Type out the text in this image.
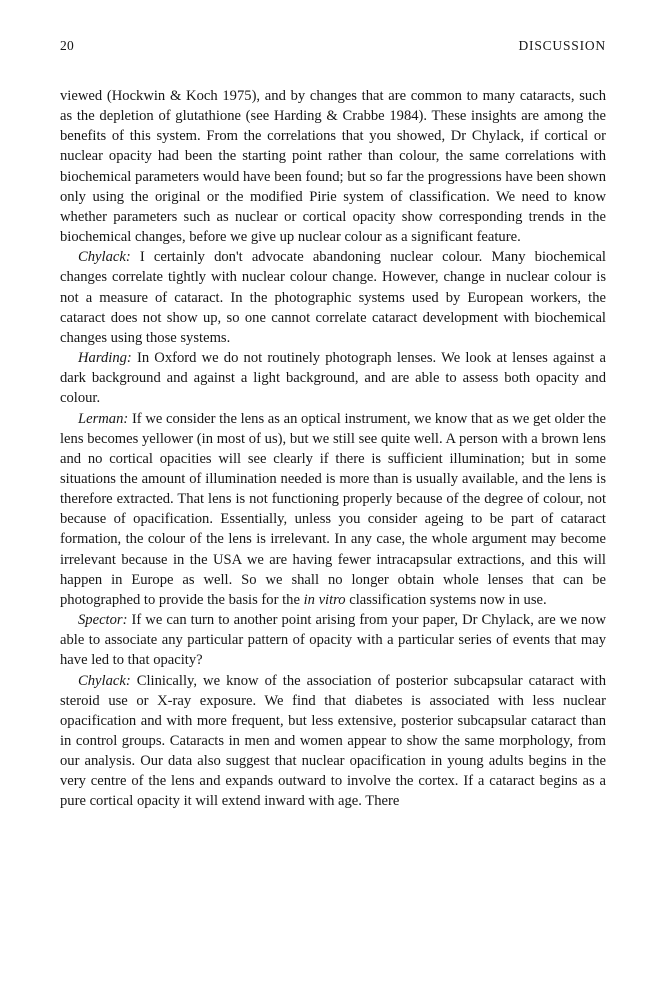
20	DISCUSSION

viewed (Hockwin & Koch 1975), and by changes that are common to many cataracts, such as the depletion of glutathione (see Harding & Crabbe 1984). These insights are among the benefits of this system. From the correlations that you showed, Dr Chylack, if cortical or nuclear opacity had been the starting point rather than colour, the same correlations with biochemical parameters would have been found; but so far the progressions have been shown only using the original or the modified Pirie system of classification. We need to know whether parameters such as nuclear or cortical opacity show corresponding trends in the biochemical changes, before we give up nuclear colour as a significant feature.

Chylack: I certainly don't advocate abandoning nuclear colour. Many biochemical changes correlate tightly with nuclear colour change. However, change in nuclear colour is not a measure of cataract. In the photographic systems used by European workers, the cataract does not show up, so one cannot correlate cataract development with biochemical changes using those systems.

Harding: In Oxford we do not routinely photograph lenses. We look at lenses against a dark background and against a light background, and are able to assess both opacity and colour.

Lerman: If we consider the lens as an optical instrument, we know that as we get older the lens becomes yellower (in most of us), but we still see quite well. A person with a brown lens and no cortical opacities will see clearly if there is sufficient illumination; but in some situations the amount of illumination needed is more than is usually available, and the lens is therefore extracted. That lens is not functioning properly because of the degree of colour, not because of opacification. Essentially, unless you consider ageing to be part of cataract formation, the colour of the lens is irrelevant. In any case, the whole argument may become irrelevant because in the USA we are having fewer intracapsular extractions, and this will happen in Europe as well. So we shall no longer obtain whole lenses that can be photographed to provide the basis for the in vitro classification systems now in use.

Spector: If we can turn to another point arising from your paper, Dr Chylack, are we now able to associate any particular pattern of opacity with a particular series of events that may have led to that opacity?

Chylack: Clinically, we know of the association of posterior subcapsular cataract with steroid use or X-ray exposure. We find that diabetes is associated with less nuclear opacification and with more frequent, but less extensive, posterior subcapsular cataract than in control groups. Cataracts in men and women appear to show the same morphology, from our analysis. Our data also suggest that nuclear opacification in young adults begins in the very centre of the lens and expands outward to involve the cortex. If a cataract begins as a pure cortical opacity it will extend inward with age. There
